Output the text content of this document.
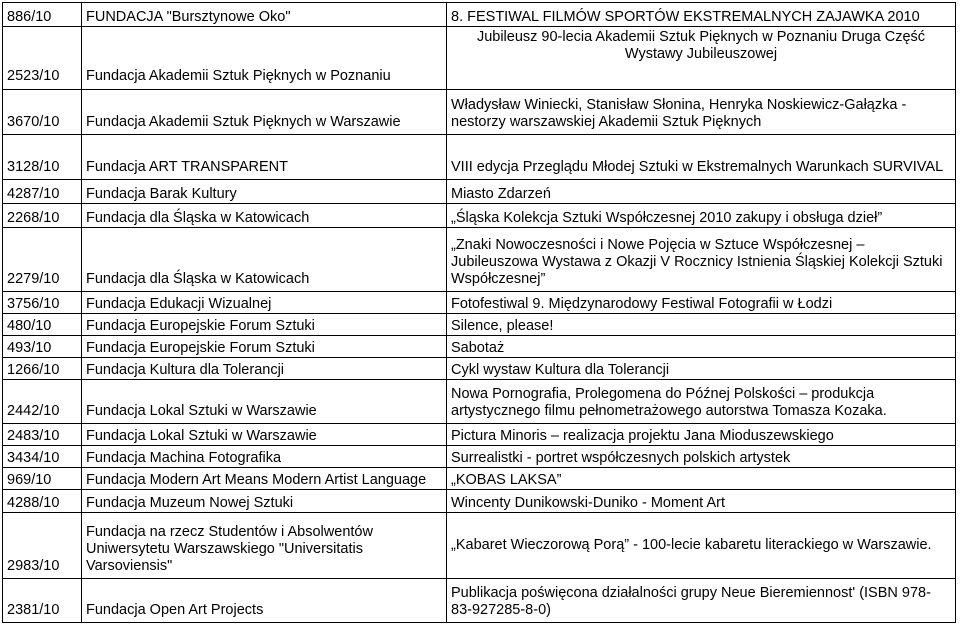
886/10	FUNDACJA "Bursztynowe Oko"	8. FESTIWAL FILMÓW SPORTÓW EKSTREMALNYCH ZAJAWKA 2010
2523/10	Fundacja Akademii Sztuk Pięknych w Poznaniu	Jubileusz 90-lecia Akademii Sztuk Pięknych w Poznaniu Druga Część Wystawy Jubileuszowej
3670/10	Fundacja Akademii Sztuk Pięknych w Warszawie	Władysław Winiecki, Stanisław Słonina, Henryka Noskiewicz-Gałązka - nestorzy warszawskiej Akademii Sztuk Pięknych
3128/10	Fundacja ART TRANSPARENT	VIII edycja Przeglądu Młodej Sztuki w Ekstremalnych Warunkach SURVIVAL
4287/10	Fundacja Barak Kultury	Miasto Zdarzeń
2268/10	Fundacja dla Śląska w Katowicach	„Śląska Kolekcja Sztuki Współczesnej 2010 zakupy i obsługa dzieł”
2279/10	Fundacja dla Śląska w Katowicach	„Znaki Nowoczesności i Nowe Pojęcia w Sztuce Współczesnej – Jubileuszowa Wystawa z Okazji V Rocznicy Istnienia Śląskiej Kolekcji Sztuki Współczesnej”
3756/10	Fundacja Edukacji Wizualnej	Fotofestiwal 9. Międzynarodowy Festiwal Fotografii w Łodzi
480/10	Fundacja Europejskie Forum Sztuki	Silence, please!
493/10	Fundacja Europejskie Forum Sztuki	Sabotaż
1266/10	Fundacja Kultura dla Tolerancji	Cykl wystaw Kultura dla Tolerancji
2442/10	Fundacja Lokal Sztuki w Warszawie	Nowa Pornografia, Prolegomena do Późnej Polskości – produkcja artystycznego filmu pełnometrażowego autorstwa Tomasza Kozaka.
2483/10	Fundacja Lokal Sztuki w Warszawie	Pictura Minoris – realizacja projektu Jana Mioduszewskiego
3434/10	Fundacja Machina Fotografika	Surrealistki - portret współczesnych polskich artystek
969/10	Fundacja Modern Art Means Modern Artist Language	„KOBAS LAKSA”
4288/10	Fundacja Muzeum Nowej Sztuki	Wincenty Dunikowski-Duniko - Moment Art
2983/10	Fundacja na rzecz Studentów i Absolwentów Uniwersytetu Warszawskiego "Universitatis Varsoviensis"	„Kabaret Wieczorową Porą” - 100-lecie kabaretu literackiego w Warszawie.
2381/10	Fundacja Open Art Projects	Publikacja poświęcona działalności grupy Neue Bieremiennost' (ISBN 978-83-927285-8-0)
